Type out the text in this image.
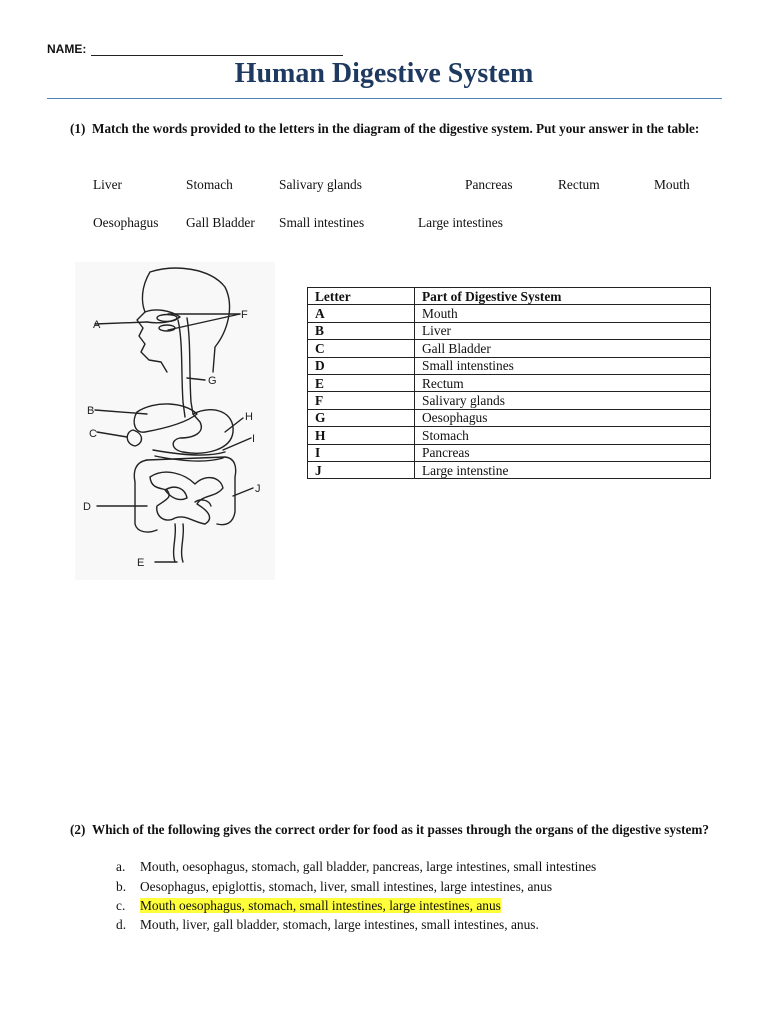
NAME:
Human Digestive System
(1) Match the words provided to the letters in the diagram of the digestive system. Put your answer in the table:
Liver	Stomach	Salivary glands	Pancreas	Rectum	Mouth
Oesophagus Gall Bladder Small intestines	Large intestines
A
B
C
D
E
F
G
H
I
J
Letter	Part of Digestive System
A	Mouth
B	Liver
C	Gall Bladder
D	Small intenstines
E	Rectum
F	Salivary glands
G	Oesophagus
H	Stomach
I	Pancreas
J	Large intenstine
(2) Which of the following gives the correct order for food as it passes through the organs of the digestive system?
a. Mouth, oesophagus, stomach, gall bladder, pancreas, large intestines, small intestines
b. Oesophagus, epiglottis, stomach, liver, small intestines, large intestines, anus
c. Mouth oesophagus, stomach, small intestines, large intestines, anus
d. Mouth, liver, gall bladder, stomach, large intestines, small intestines, anus.
